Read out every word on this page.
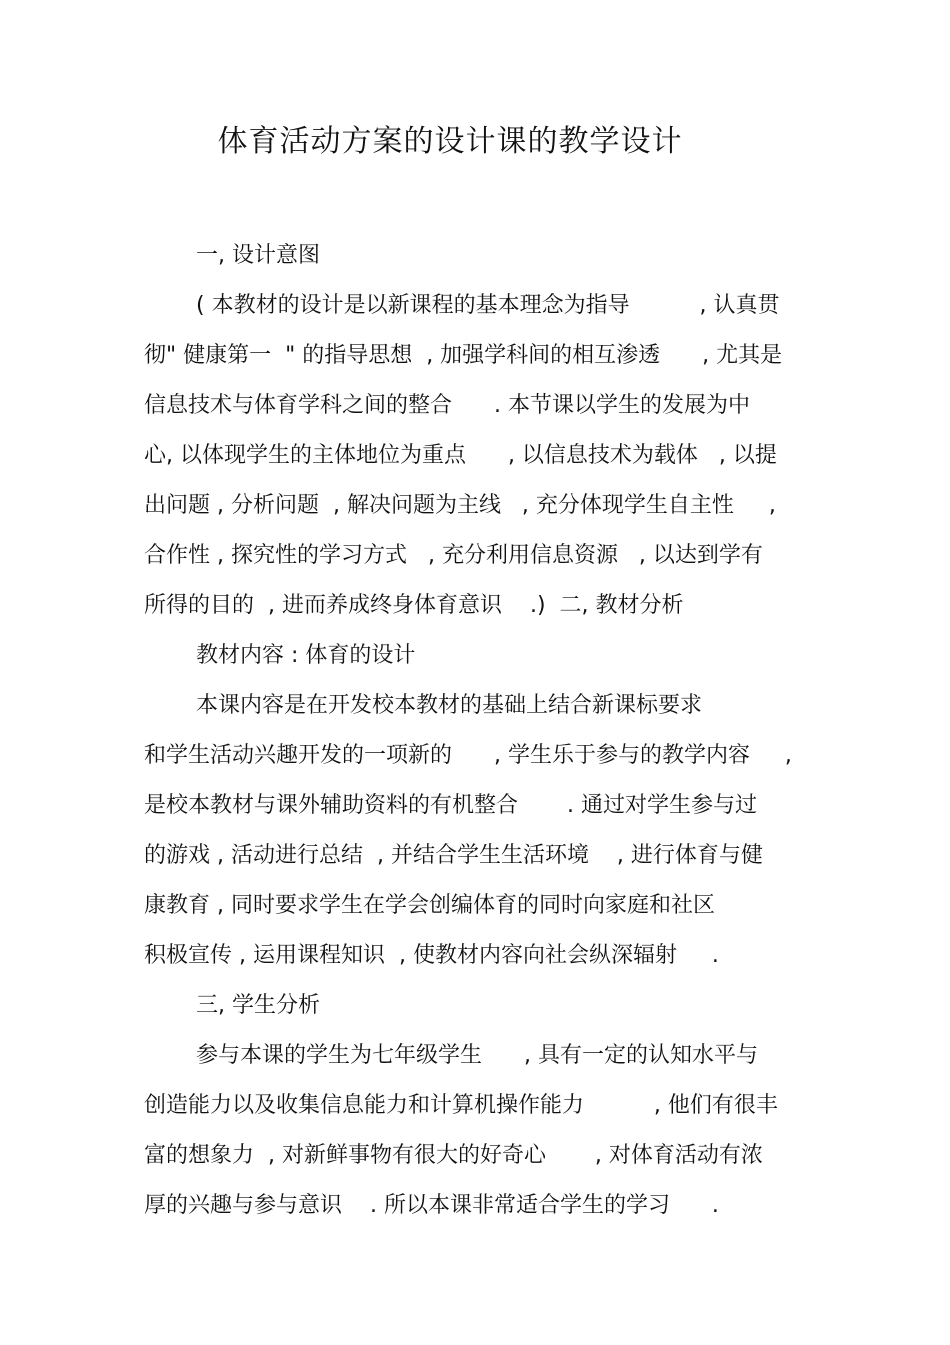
体育活动方案的设计课的教学设计
一, 设计意图
( 本教材的设计是以新课程的基本理念为指导          , 认真贯
彻" 健康第一  " 的指导思想  , 加强学科间的相互渗透      , 尤其是
信息技术与体育学科之间的整合      . 本节课以学生的发展为中
心, 以体现学生的主体地位为重点      , 以信息技术为载体   , 以提
出问题 , 分析问题  , 解决问题为主线   , 充分体现学生自主性     ,
合作性 , 探究性的学习方式   , 充分利用信息资源   , 以达到学有
所得的目的  , 进而养成终身体育意识    .)  二, 教材分析
教材内容 : 体育的设计
本课内容是在开发校本教材的基础上结合新课标要求
和学生活动兴趣开发的一项新的      , 学生乐于参与的教学内容     ,
是校本教材与课外辅助资料的有机整合       . 通过对学生参与过
的游戏 , 活动进行总结  , 并结合学生生活环境    , 进行体育与健
康教育 , 同时要求学生在学会创编体育的同时向家庭和社区
积极宣传 , 运用课程知识  , 使教材内容向社会纵深辐射     .
三, 学生分析
参与本课的学生为七年级学生      , 具有一定的认知水平与
创造能力以及收集信息能力和计算机操作能力          , 他们有很丰
富的想象力  , 对新鲜事物有很大的好奇心       , 对体育活动有浓
厚的兴趣与参与意识    . 所以本课非常适合学生的学习      .
